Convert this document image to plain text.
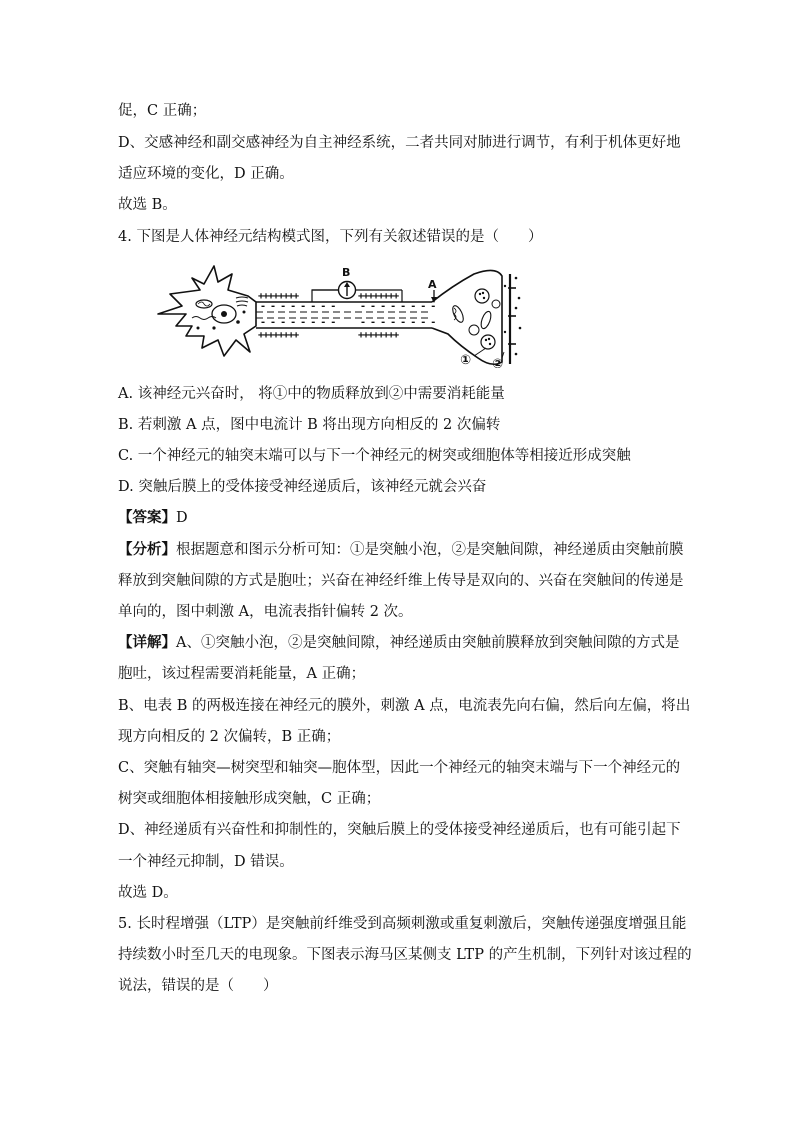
促，C 正确；
D、交感神经和副交感神经为自主神经系统，二者共同对肺进行调节，有利于机体更好地
适应环境的变化，D 正确。
故选 B。
4. 下图是人体神经元结构模式图，下列有关叙述错误的是（　　）
++++++++	++++++++
++++++++	++++++++
B
A
① ②
- - - - - - - - - - - - - - - -
- - - - - - - - - - - - - - - -
A. 该神经元兴奋时， 将①中的物质释放到②中需要消耗能量
B. 若刺激 A 点，图中电流计 B 将出现方向相反的 2 次偏转
C. 一个神经元的轴突末端可以与下一个神经元的树突或细胞体等相接近形成突触
D. 突触后膜上的受体接受神经递质后，该神经元就会兴奋
【答案】D
【分析】根据题意和图示分析可知：①是突触小泡，②是突触间隙，神经递质由突触前膜
释放到突触间隙的方式是胞吐；兴奋在神经纤维上传导是双向的、兴奋在突触间的传递是
单向的，图中刺激 A，电流表指针偏转 2 次。
【详解】A、①突触小泡，②是突触间隙，神经递质由突触前膜释放到突触间隙的方式是
胞吐，该过程需要消耗能量，A 正确；
B、电表 B 的两极连接在神经元的膜外，刺激 A 点，电流表先向右偏，然后向左偏，将出
现方向相反的 2 次偏转，B 正确；
C、突触有轴突—树突型和轴突—胞体型，因此一个神经元的轴突末端与下一个神经元的
树突或细胞体相接触形成突触，C 正确；
D、神经递质有兴奋性和抑制性的，突触后膜上的受体接受神经递质后，也有可能引起下
一个神经元抑制，D 错误。
故选 D。
5. 长时程增强（LTP）是突触前纤维受到高频刺激或重复刺激后，突触传递强度增强且能
持续数小时至几天的电现象。下图表示海马区某侧支 LTP 的产生机制，下列针对该过程的
说法，错误的是（　　）
